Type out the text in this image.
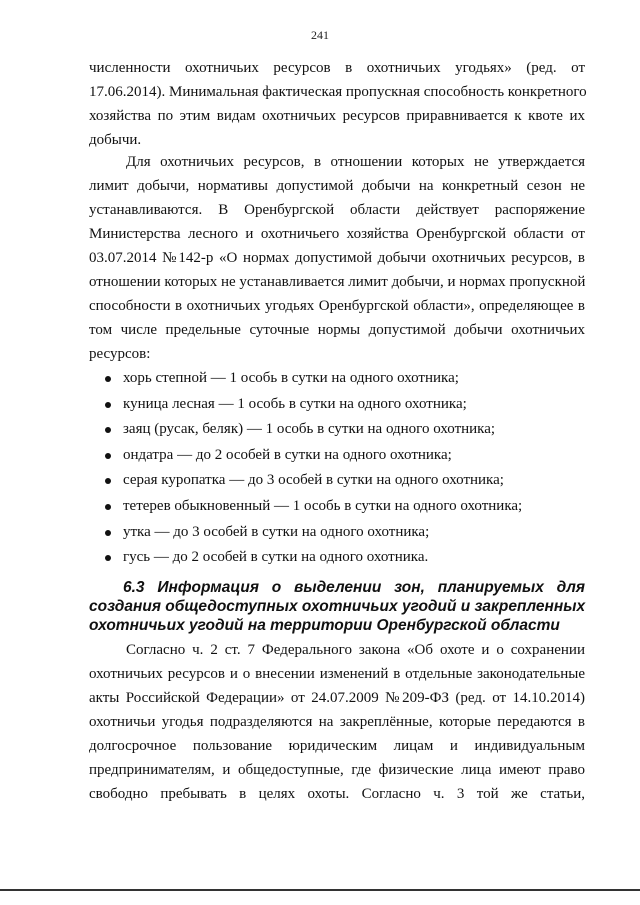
241
численности охотничьих ресурсов в охотничьих угодьях» (ред. от
17.06.2014). Минимальная фактическая пропускная способность конкретного
хозяйства по этим видам охотничьих ресурсов приравнивается к квоте их
добычи.
Для охотничьих ресурсов, в отношении которых не утверждается
лимит добычи, нормативы допустимой добычи на конкретный сезон не
устанавливаются. В Оренбургской области действует распоряжение
Министерства лесного и охотничьего хозяйства Оренбургской области от
03.07.2014 №142-р «О нормах допустимой добычи охотничьих ресурсов, в
отношении которых не устанавливается лимит добычи, и нормах пропускной
способности в охотничьих угодьях Оренбургской области», определяющее в
том числе предельные суточные нормы допустимой добычи охотничьих
ресурсов:
хорь степной — 1 особь в сутки на одного охотника;
куница лесная — 1 особь в сутки на одного охотника;
заяц (русак, беляк) — 1 особь в сутки на одного охотника;
ондатра — до 2 особей в сутки на одного охотника;
серая куропатка — до 3 особей в сутки на одного охотника;
тетерев обыкновенный — 1 особь в сутки на одного охотника;
утка — до 3 особей в сутки на одного охотника;
гусь — до 2 особей в сутки на одного охотника.
6.3 Информация о выделении зон, планируемых для
создания общедоступных охотничьих угодий и закрепленных
охотничьих угодий на территории Оренбургской области
Согласно ч. 2 ст. 7 Федерального закона «Об охоте и о сохранении
охотничьих ресурсов и о внесении изменений в отдельные законодательные
акты Российской Федерации» от 24.07.2009 №209-ФЗ (ред. от 14.10.2014)
охотничьи угодья подразделяются на закреплённые, которые передаются в
долгосрочное пользование юридическим лицам и индивидуальным
предпринимателям, и общедоступные, где физические лица имеют право
свободно пребывать в целях охоты. Согласно ч. 3 той же статьи,
